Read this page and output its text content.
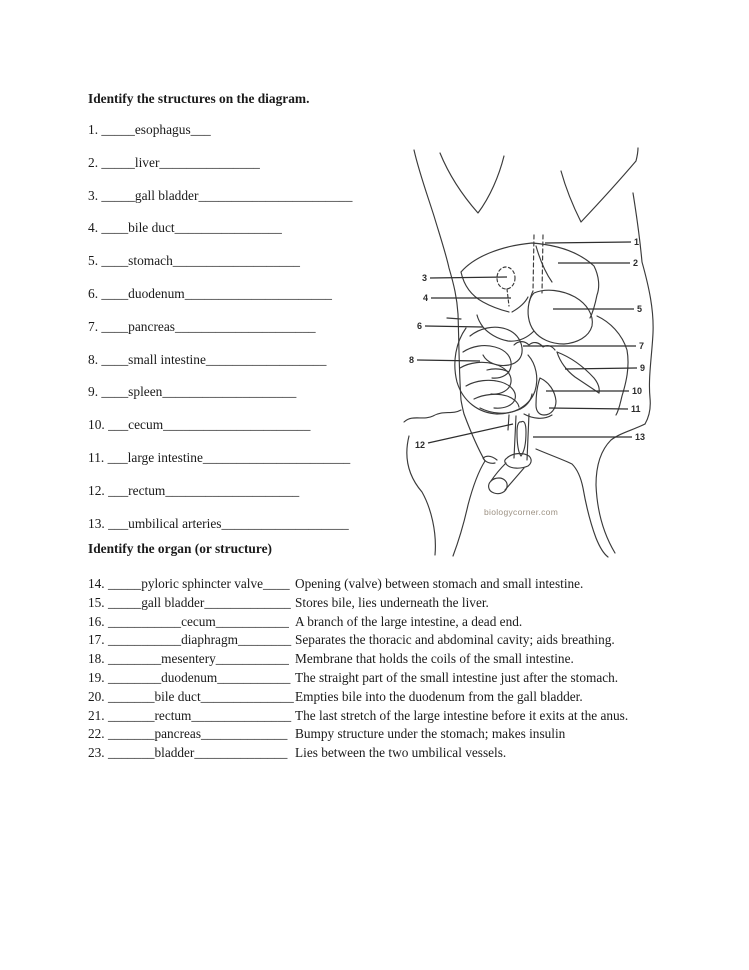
Identify the structures on the diagram.
1. _____esophagus___
2. _____liver_______________
3. _____gall bladder_______________________
4. ____bile duct________________
5. ____stomach___________________
6. ____duodenum______________________
7. ____pancreas_____________________
8. ____small intestine__________________
9. ____spleen____________________
10. ___cecum______________________
11. ___large intestine______________________
12. ___rectum____________________
13. ___umbilical arteries___________________
Identify the organ (or structure)
14. _____pyloric sphincter valve____ Opening (valve) between stomach and small intestine.
15. _____gall bladder_____________ Stores bile, lies underneath the liver.
16. ___________cecum___________ A branch of the large intestine, a dead end.
17. ___________diaphragm________ Separates the thoracic and abdominal cavity; aids breathing.
18. ________mesentery___________ Membrane that holds the coils of the small intestine.
19. ________duodenum___________ The straight part of the small intestine just after the stomach.
20. _______bile duct______________ Empties bile into the duodenum from the gall bladder.
21. _______rectum_______________ The last stretch of the large intestine before it exits at the anus.
22. _______pancreas_____________ Bumpy structure under the stomach; makes insulin
23. _______bladder______________ Lies between the two umbilical vessels.
1
2
3
4
5
6
7
8
9
10
11
12
13
biologycorner.com
